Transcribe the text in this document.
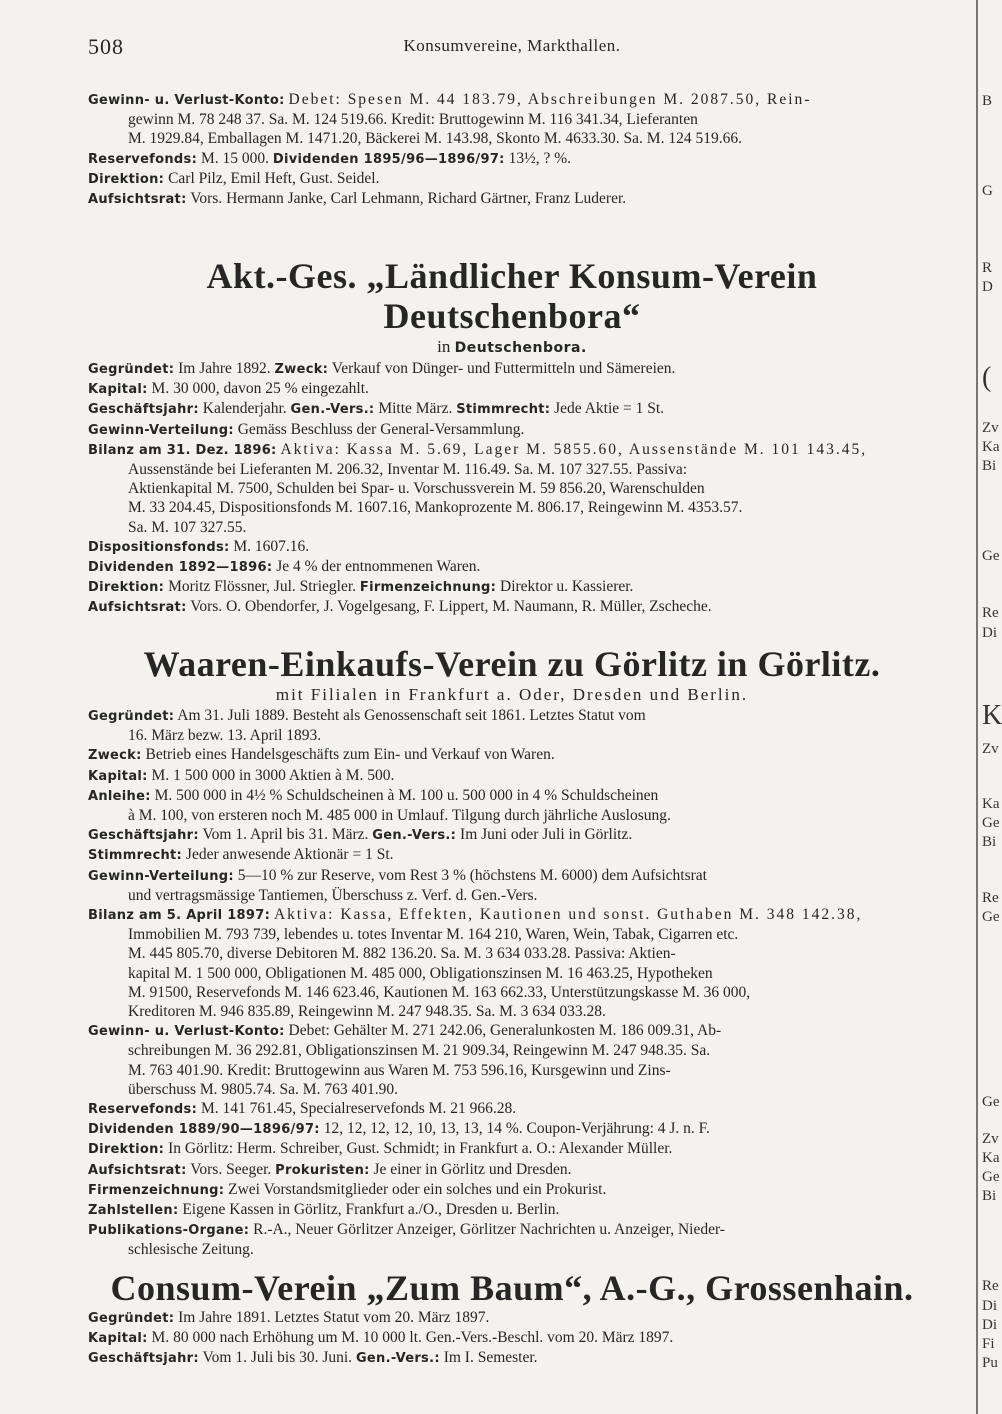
508	Konsumvereine, Markthallen.

Gewinn- u. Verlust-Konto: Debet: Spesen M. 44 183.79, Abschreibungen M. 2087.50, Rein-

gewinn M. 78 248 37. Sa. M. 124 519.66. Kredit: Bruttogewinn M. 116 341.34, Lieferanten

M. 1929.84, Emballagen M. 1471.20, Bäckerei M. 143.98, Skonto M. 4633.30. Sa. M. 124 519.66.

Reservefonds: M. 15 000. Dividenden 1895/96—1896/97: 13½, ? %.

Direktion: Carl Pilz, Emil Heft, Gust. Seidel.

Aufsichtsrat: Vors. Hermann Janke, Carl Lehmann, Richard Gärtner, Franz Luderer.

Akt.-Ges. „Ländlicher Konsum-Verein Deutschenbora“

in Deutschenbora.

Gegründet: Im Jahre 1892. Zweck: Verkauf von Dünger- und Futtermitteln und Sämereien.

Kapital: M. 30 000, davon 25 % eingezahlt.

Geschäftsjahr: Kalenderjahr. Gen.-Vers.: Mitte März. Stimmrecht: Jede Aktie = 1 St.

Gewinn-Verteilung: Gemäss Beschluss der General-Versammlung.

Bilanz am 31. Dez. 1896: Aktiva: Kassa M. 5.69, Lager M. 5855.60, Aussenstände M. 101 143.45,

Aussenstände bei Lieferanten M. 206.32, Inventar M. 116.49. Sa. M. 107 327.55. Passiva:

Aktienkapital M. 7500, Schulden bei Spar- u. Vorschussverein M. 59 856.20, Warenschulden

M. 33 204.45, Dispositionsfonds M. 1607.16, Mankoprozente M. 806.17, Reingewinn M. 4353.57.

Sa. M. 107 327.55.

Dispositionsfonds: M. 1607.16.

Dividenden 1892—1896: Je 4 % der entnommenen Waren.

Direktion: Moritz Flössner, Jul. Striegler. Firmenzeichnung: Direktor u. Kassierer.

Aufsichtsrat: Vors. O. Obendorfer, J. Vogelgesang, F. Lippert, M. Naumann, R. Müller, Zscheche.

Waaren-Einkaufs-Verein zu Görlitz in Görlitz.

mit Filialen in Frankfurt a. Oder, Dresden und Berlin.

Gegründet: Am 31. Juli 1889. Besteht als Genossenschaft seit 1861. Letztes Statut vom

16. März bezw. 13. April 1893.

Zweck: Betrieb eines Handelsgeschäfts zum Ein- und Verkauf von Waren.

Kapital: M. 1 500 000 in 3000 Aktien à M. 500.

Anleihe: M. 500 000 in 4½ % Schuldscheinen à M. 100 u. 500 000 in 4 % Schuldscheinen

à M. 100, von ersteren noch M. 485 000 in Umlauf. Tilgung durch jährliche Auslosung.

Geschäftsjahr: Vom 1. April bis 31. März. Gen.-Vers.: Im Juni oder Juli in Görlitz.

Stimmrecht: Jeder anwesende Aktionär = 1 St.

Gewinn-Verteilung: 5—10 % zur Reserve, vom Rest 3 % (höchstens M. 6000) dem Aufsichtsrat

und vertragsmässige Tantiemen, Überschuss z. Verf. d. Gen.-Vers.

Bilanz am 5. April 1897: Aktiva: Kassa, Effekten, Kautionen und sonst. Guthaben M. 348 142.38,

Immobilien M. 793 739, lebendes u. totes Inventar M. 164 210, Waren, Wein, Tabak, Cigarren etc.

M. 445 805.70, diverse Debitoren M. 882 136.20. Sa. M. 3 634 033.28. Passiva: Aktien-

kapital M. 1 500 000, Obligationen M. 485 000, Obligationszinsen M. 16 463.25, Hypotheken

M. 91500, Reservefonds M. 146 623.46, Kautionen M. 163 662.33, Unterstützungskasse M. 36 000,

Kreditoren M. 946 835.89, Reingewinn M. 247 948.35. Sa. M. 3 634 033.28.

Gewinn- u. Verlust-Konto: Debet: Gehälter M. 271 242.06, Generalunkosten M. 186 009.31, Ab-

schreibungen M. 36 292.81, Obligationszinsen M. 21 909.34, Reingewinn M. 247 948.35. Sa.

M. 763 401.90. Kredit: Bruttogewinn aus Waren M. 753 596.16, Kursgewinn und Zins-

überschuss M. 9805.74. Sa. M. 763 401.90.

Reservefonds: M. 141 761.45, Specialreservefonds M. 21 966.28.

Dividenden 1889/90—1896/97: 12, 12, 12, 12, 10, 13, 13, 14 %. Coupon-Verjährung: 4 J. n. F.

Direktion: In Görlitz: Herm. Schreiber, Gust. Schmidt; in Frankfurt a. O.: Alexander Müller.

Aufsichtsrat: Vors. Seeger. Prokuristen: Je einer in Görlitz und Dresden.

Firmenzeichnung: Zwei Vorstandsmitglieder oder ein solches und ein Prokurist.

Zahlstellen: Eigene Kassen in Görlitz, Frankfurt a./O., Dresden u. Berlin.

Publikations-Organe: R.-A., Neuer Görlitzer Anzeiger, Görlitzer Nachrichten u. Anzeiger, Nieder-

schlesische Zeitung.

Consum-Verein „Zum Baum“, A.-G., Grossenhain.

Gegründet: Im Jahre 1891. Letztes Statut vom 20. März 1897.

Kapital: M. 80 000 nach Erhöhung um M. 10 000 lt. Gen.-Vers.-Beschl. vom 20. März 1897.

Geschäftsjahr: Vom 1. Juli bis 30. Juni. Gen.-Vers.: Im I. Semester.

B
G
R
D
(
Zv
Ka
Bi
Ge
Re
Di
K
Zv
Ka
Ge
Bi
Re
Ge
Ge
Zv
Ka
Ge
Bi
Re
Di
Di
Fi
Pu
